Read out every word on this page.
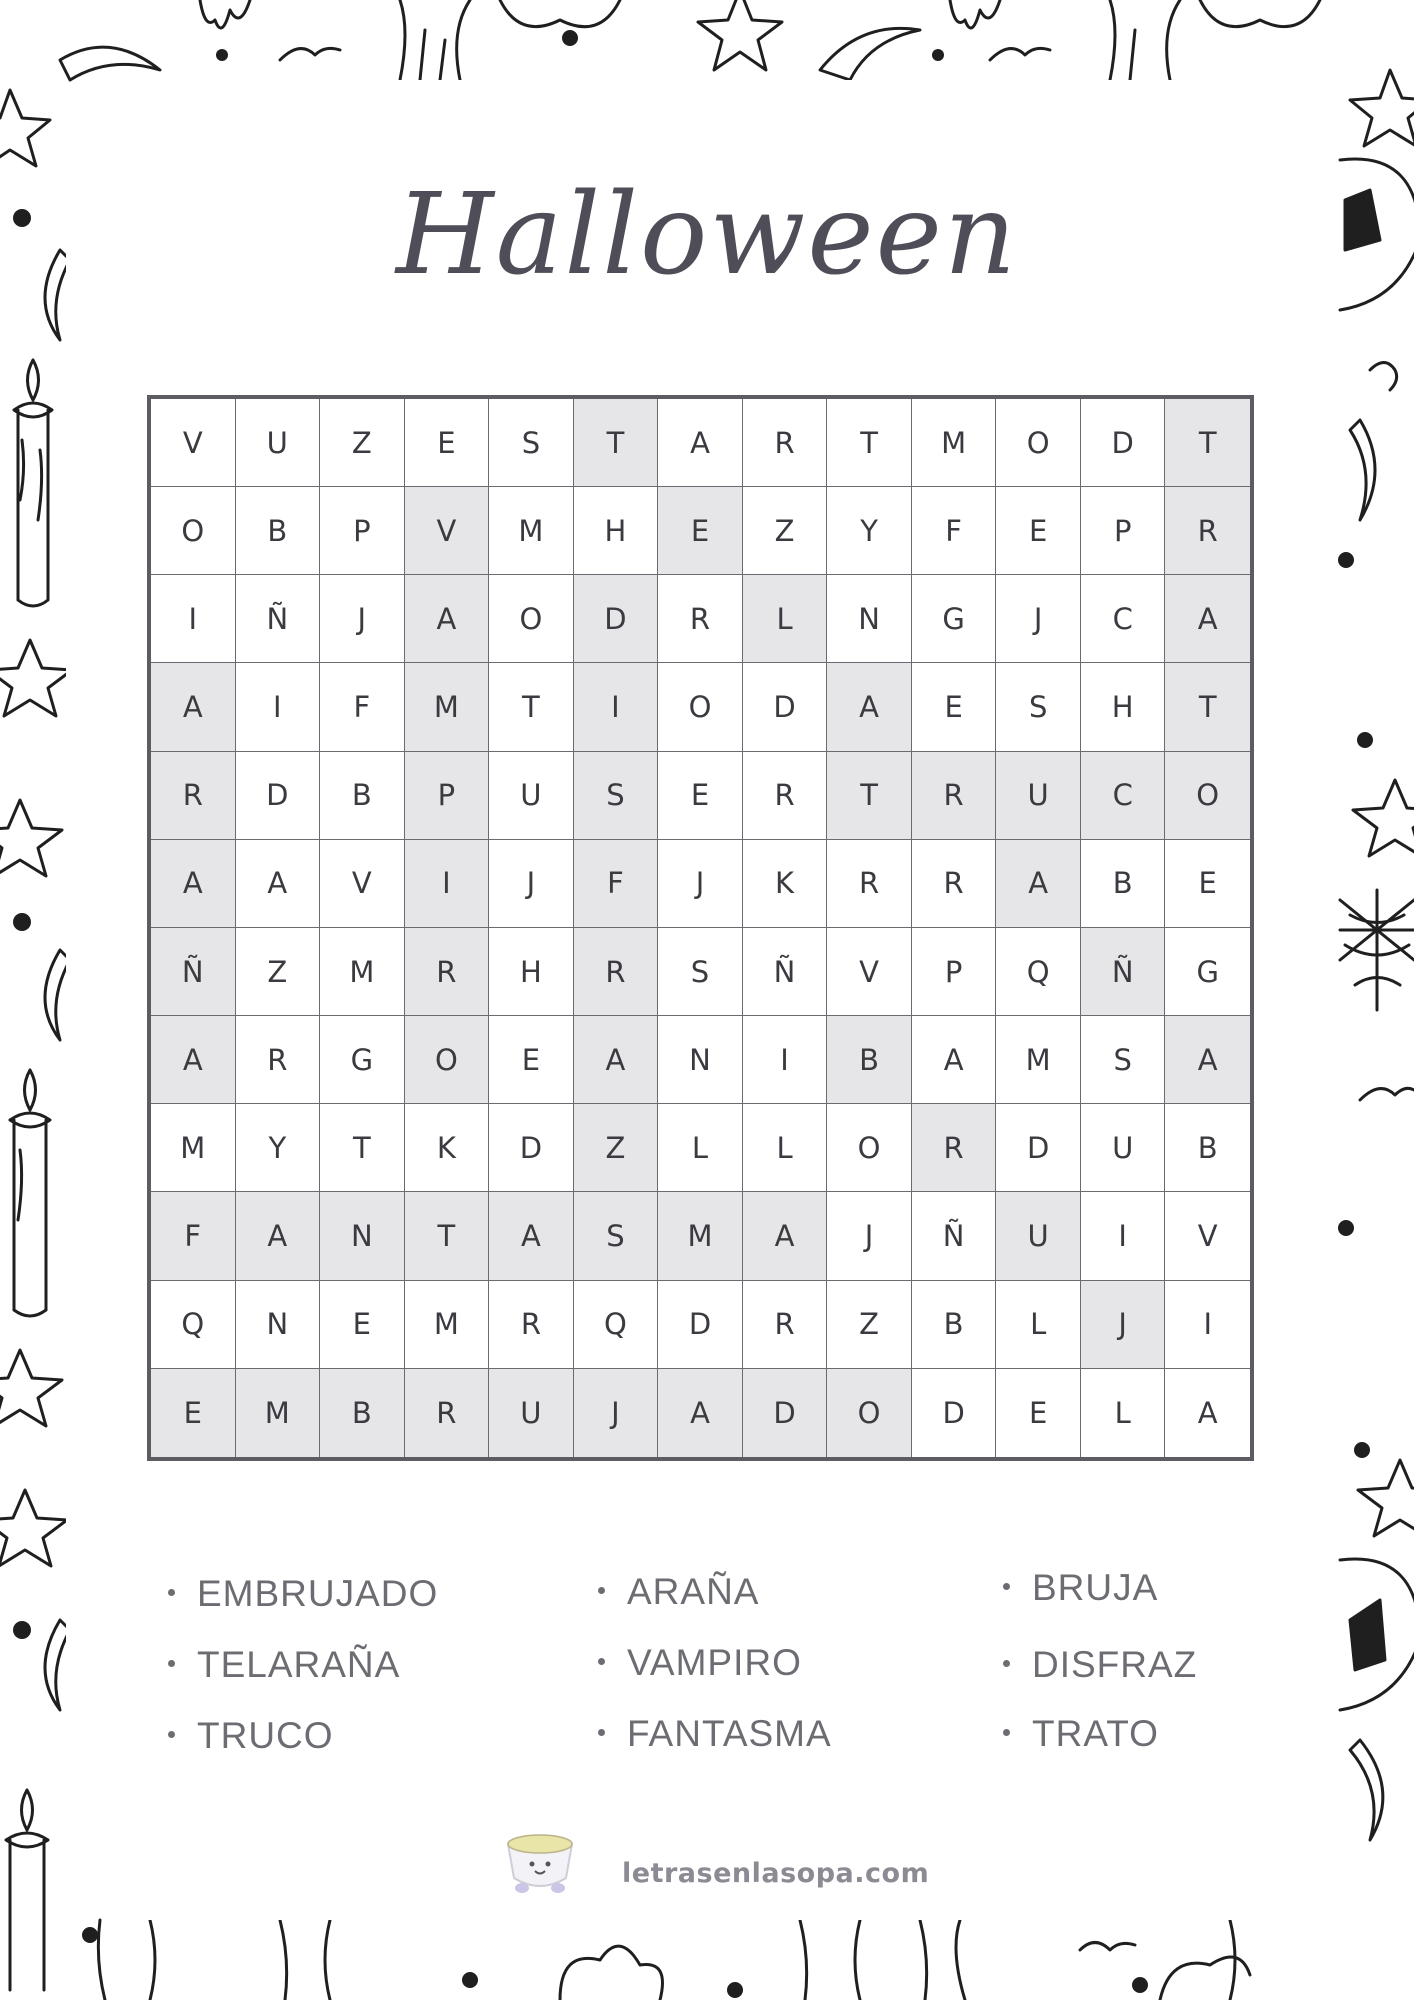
Halloween
V	U	Z	E	S	T	A	R	T	M	O	D	T
O	B	P	V	M	H	E	Z	Y	F	E	P	R
I	Ñ	J	A	O	D	R	L	N	G	J	C	A
A	I	F	M	T	I	O	D	A	E	S	H	T
R	D	B	P	U	S	E	R	T	R	U	C	O
A	A	V	I	J	F	J	K	R	R	A	B	E
Ñ	Z	M	R	H	R	S	Ñ	V	P	Q	Ñ	G
A	R	G	O	E	A	N	I	B	A	M	S	A
M	Y	T	K	D	Z	L	L	O	R	D	U	B
F	A	N	T	A	S	M	A	J	Ñ	U	I	V
Q	N	E	M	R	Q	D	R	Z	B	L	J	I
E	M	B	R	U	J	A	D	O	D	E	L	A
EMBRUJADO
TELARAÑA
TRUCO
ARAÑA
VAMPIRO
FANTASMA
BRUJA
DISFRAZ
TRATO
letrasenlasopa.com
